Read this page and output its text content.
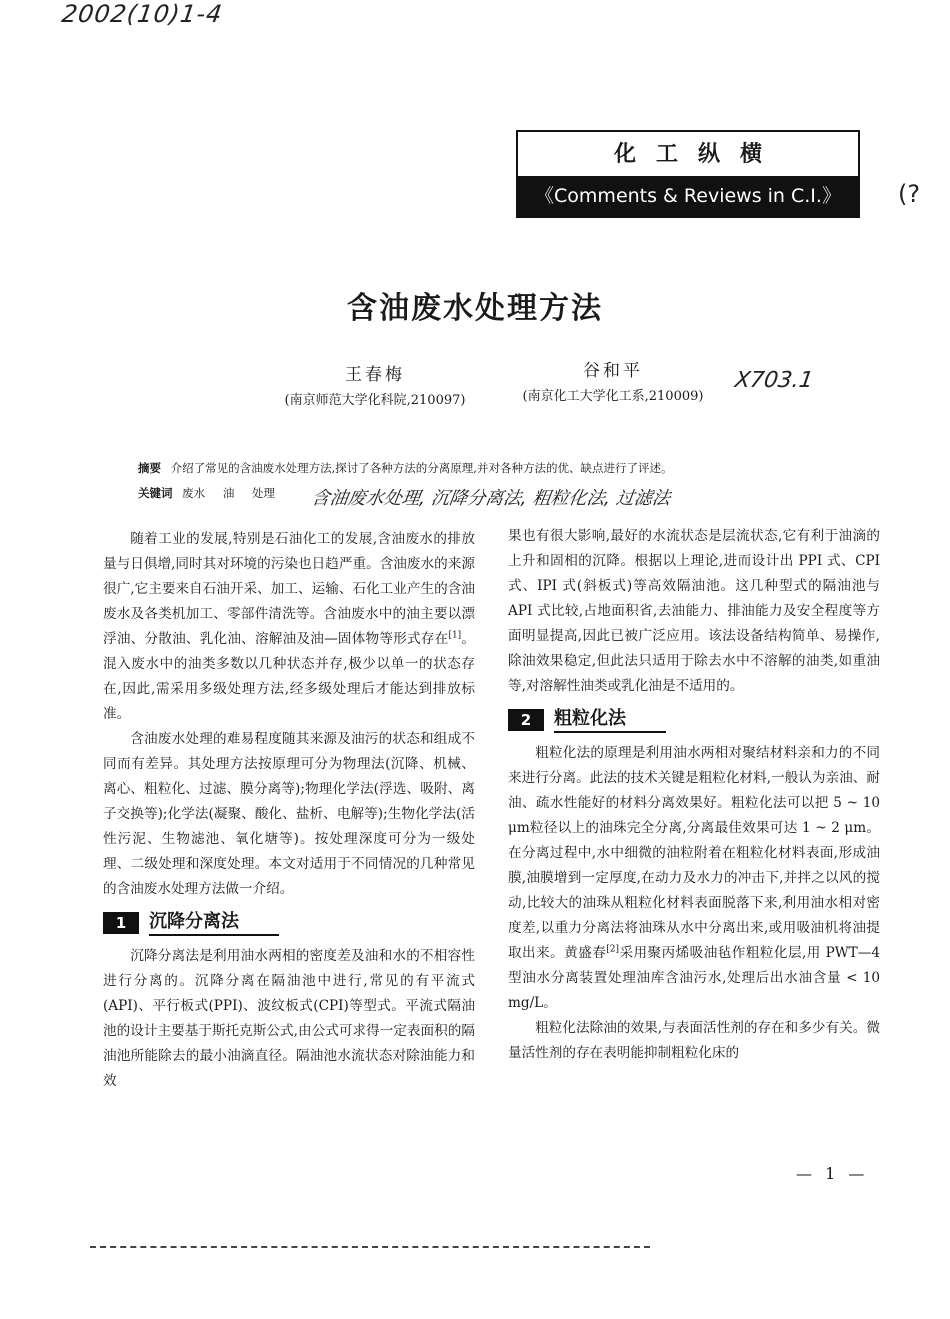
2002(10)1-4
(?
化工纵横
《Comments & Reviews in C.I.》
含油废水处理方法
王春梅
(南京师范大学化科院,210097)
谷和平
(南京化工大学化工系,210009)
X703.1
摘要 介绍了常见的含油废水处理方法,探讨了各种方法的分离原理,并对各种方法的优、缺点进行了评述。
关键词 废水 油 处理	含油废水处理, 沉降分离法, 粗粒化法, 过滤法

随着工业的发展,特别是石油化工的发展,含油废水的排放量与日俱增,同时其对环境的污染也日趋严重。含油废水的来源很广,它主要来自石油开采、加工、运输、石化工业产生的含油废水及各类机加工、零部件清洗等。含油废水中的油主要以漂浮油、分散油、乳化油、溶解油及油—固体物等形式存在[1]。混入废水中的油类多数以几种状态并存,极少以单一的状态存在,因此,需采用多级处理方法,经多级处理后才能达到排放标准。

含油废水处理的难易程度随其来源及油污的状态和组成不同而有差异。其处理方法按原理可分为物理法(沉降、机械、离心、粗粒化、过滤、膜分离等);物理化学法(浮选、吸附、离子交换等);化学法(凝聚、酸化、盐析、电解等);生物化学法(活性污泥、生物滤池、氧化塘等)。按处理深度可分为一级处理、二级处理和深度处理。本文对适用于不同情况的几种常见的含油废水处理方法做一介绍。

1	沉降分离法

沉降分离法是利用油水两相的密度差及油和水的不相容性进行分离的。沉降分离在隔油池中进行,常见的有平流式(API)、平行板式(PPI)、波纹板式(CPI)等型式。平流式隔油池的设计主要基于斯托克斯公式,由公式可求得一定表面积的隔油池所能除去的最小油滴直径。隔油池水流状态对除油能力和效

果也有很大影响,最好的水流状态是层流状态,它有利于油滴的上升和固相的沉降。根据以上理论,进而设计出 PPI 式、CPI 式、IPI 式(斜板式)等高效隔油池。这几种型式的隔油池与 API 式比较,占地面积省,去油能力、排油能力及安全程度等方面明显提高,因此已被广泛应用。该法设备结构简单、易操作,除油效果稳定,但此法只适用于除去水中不溶解的油类,如重油等,对溶解性油类或乳化油是不适用的。

2	粗粒化法

粗粒化法的原理是利用油水两相对聚结材料亲和力的不同来进行分离。此法的技术关键是粗粒化材料,一般认为亲油、耐油、疏水性能好的材料分离效果好。粗粒化法可以把 5 ~ 10 μm粒径以上的油珠完全分离,分离最佳效果可达 1 ~ 2 μm。在分离过程中,水中细微的油粒附着在粗粒化材料表面,形成油膜,油膜增到一定厚度,在动力及水力的冲击下,并拌之以风的搅动,比较大的油珠从粗粒化材料表面脱落下来,利用油水相对密度差,以重力分离法将油珠从水中分离出来,或用吸油机将油提取出来。黄盛春[2]采用聚丙烯吸油毡作粗粒化层,用 PWT—4 型油水分离装置处理油库含油污水,处理后出水油含量 < 10 mg/L。

粗粒化法除油的效果,与表面活性剂的存在和多少有关。微量活性剂的存在表明能抑制粗粒化床的

— 1 —
